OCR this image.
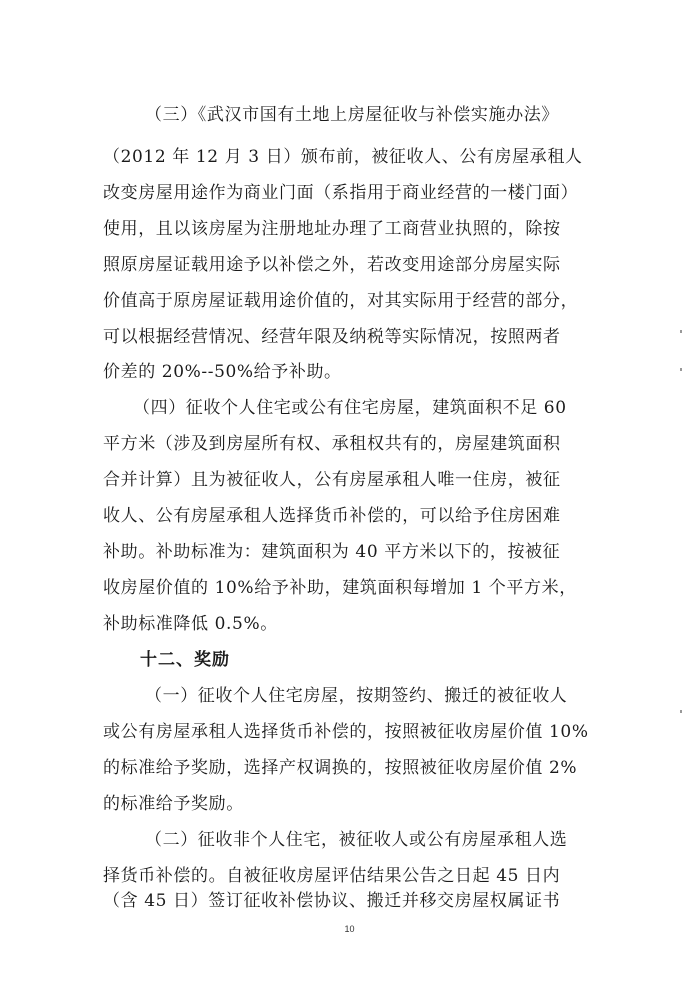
（三）《武汉市国有土地上房屋征收与补偿实施办法》
（2012 年 12 月 3 日）颁布前，被征收人、公有房屋承租人
改变房屋用途作为商业门面（系指用于商业经营的一楼门面）
使用，且以该房屋为注册地址办理了工商营业执照的，除按
照原房屋证载用途予以补偿之外，若改变用途部分房屋实际
价值高于原房屋证载用途价值的，对其实际用于经营的部分，
可以根据经营情况、经营年限及纳税等实际情况，按照两者
价差的 20%--50%给予补助。
（四）征收个人住宅或公有住宅房屋，建筑面积不足 60
平方米（涉及到房屋所有权、承租权共有的，房屋建筑面积
合并计算）且为被征收人，公有房屋承租人唯一住房，被征
收人、公有房屋承租人选择货币补偿的，可以给予住房困难
补助。补助标准为：建筑面积为 40 平方米以下的，按被征
收房屋价值的 10%给予补助，建筑面积每增加 1 个平方米，
补助标准降低 0.5%。
十二、奖励
（一）征收个人住宅房屋，按期签约、搬迁的被征收人
或公有房屋承租人选择货币补偿的，按照被征收房屋价值 10%
的标准给予奖励，选择产权调换的，按照被征收房屋价值 2%
的标准给予奖励。
（二）征收非个人住宅，被征收人或公有房屋承租人选
择货币补偿的。自被征收房屋评估结果公告之日起 45 日内
（含 45 日）签订征收补偿协议、搬迁并移交房屋权属证书
10
